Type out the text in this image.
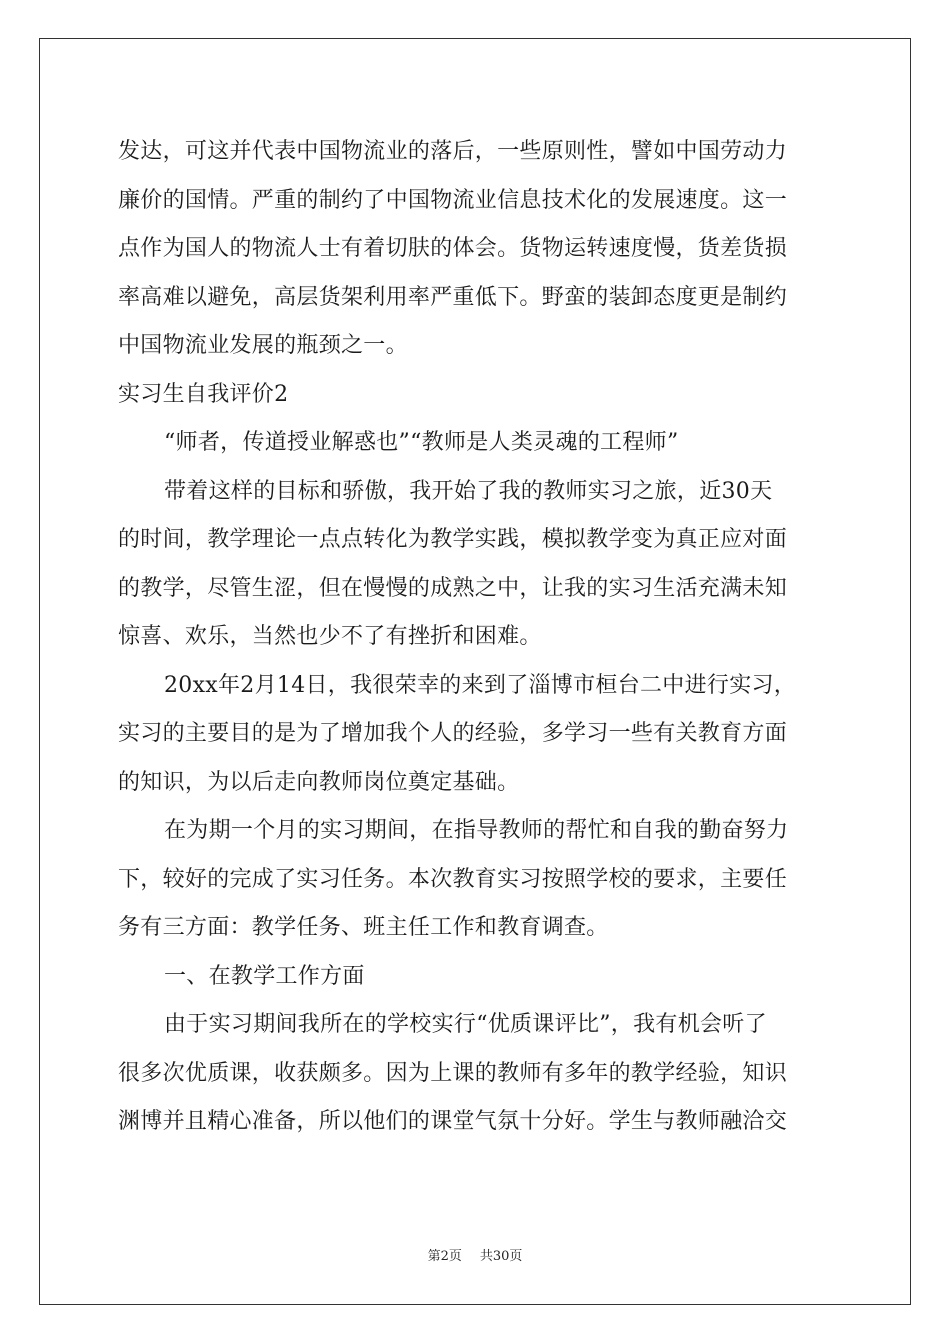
发达，可这并代表中国物流业的落后，一些原则性，譬如中国劳动力
廉价的国情。严重的制约了中国物流业信息技术化的发展速度。这一
点作为国人的物流人士有着切肤的体会。货物运转速度慢，货差货损
率高难以避免，高层货架利用率严重低下。野蛮的装卸态度更是制约
中国物流业发展的瓶颈之一。
实习生自我评价2
“师者，传道授业解惑也”“教师是人类灵魂的工程师”
带着这样的目标和骄傲，我开始了我的教师实习之旅，近30天
的时间，教学理论一点点转化为教学实践，模拟教学变为真正应对面
的教学，尽管生涩，但在慢慢的成熟之中，让我的实习生活充满未知
惊喜、欢乐，当然也少不了有挫折和困难。
20xx年2月14日，我很荣幸的来到了淄博市桓台二中进行实习，
实习的主要目的是为了增加我个人的经验，多学习一些有关教育方面
的知识，为以后走向教师岗位奠定基础。
在为期一个月的实习期间，在指导教师的帮忙和自我的勤奋努力
下，较好的完成了实习任务。本次教育实习按照学校的要求，主要任
务有三方面：教学任务、班主任工作和教育调查。
一、在教学工作方面
由于实习期间我所在的学校实行“优质课评比”，我有机会听了
很多次优质课，收获颇多。因为上课的教师有多年的教学经验，知识
渊博并且精心准备，所以他们的课堂气氛十分好。学生与教师融洽交
第2页 共30页
